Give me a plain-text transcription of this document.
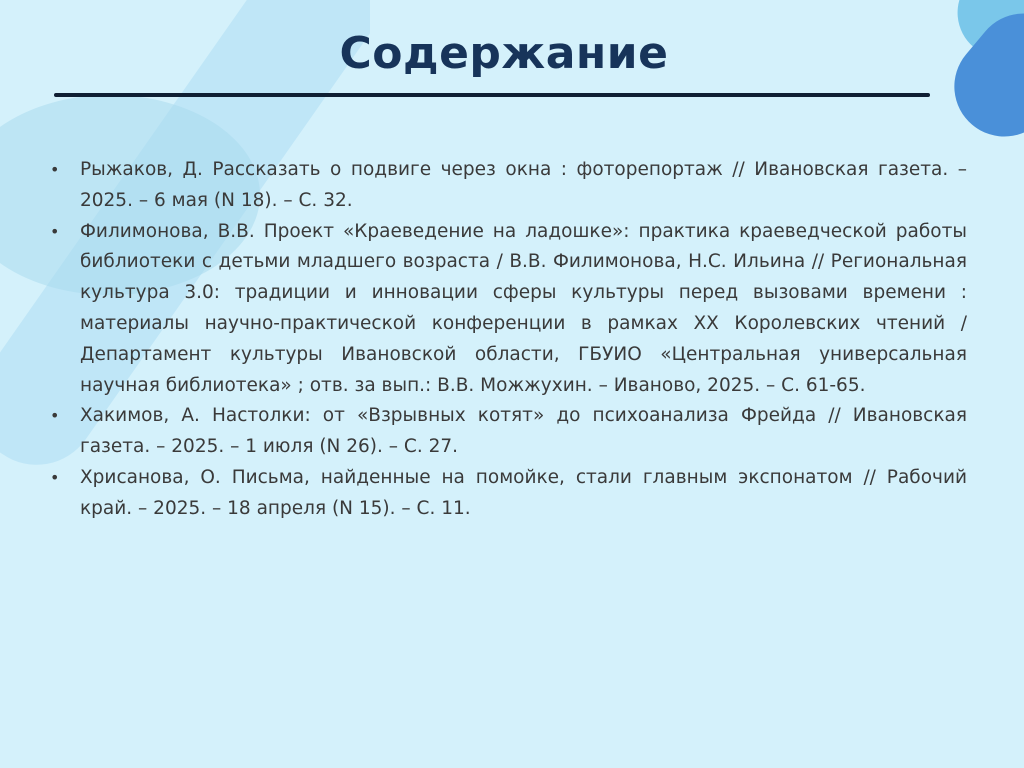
Содержание
• Рыжаков, Д. Рассказать о подвиге через окна : фоторепортаж // Ивановская газета. – 2025. – 6 мая (N 18). – С. 32.
• Филимонова, В.В. Проект «Краеведение на ладошке»: практика краеведческой работы библиотеки с детьми младшего возраста / В.В. Филимонова, Н.С. Ильина // Региональная культура 3.0: традиции и инновации сферы культуры перед вызовами времени : материалы научно-практической конференции в рамках XX Королевских чтений / Департамент культуры Ивановской области, ГБУИО «Центральная универсальная научная библиотека» ; отв. за вып.: В.В. Можжухин. – Иваново, 2025. – С. 61-65.
• Хакимов, А. Настолки: от «Взрывных котят» до психоанализа Фрейда // Ивановская газета. – 2025. – 1 июля (N 26). – С. 27.
• Хрисанова, О. Письма, найденные на помойке, стали главным экспонатом // Рабочий край. – 2025. – 18 апреля (N 15). – С. 11.
